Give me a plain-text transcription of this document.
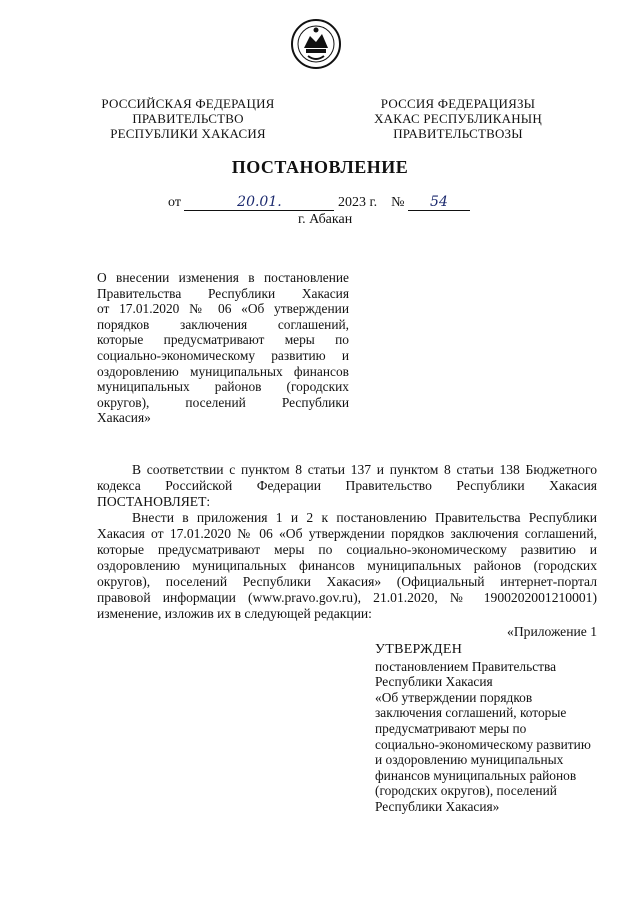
РОССИЙСКАЯ ФЕДЕРАЦИЯ
ПРАВИТЕЛЬСТВО
РЕСПУБЛИКИ ХАКАСИЯ
РОССИЯ ФЕДЕРАЦИЯЗЫ
ХАКАС РЕСПУБЛИКАНЫҢ
ПРАВИТЕЛЬСТВОЗЫ
ПОСТАНОВЛЕНИЕ
от	20.01.	2023 г. № 54
г. Абакан
О внесении изменения в постановление
Правительства Республики Хакасия
от 17.01.2020 № 06 «Об утверждении
порядков заключения соглашений,
которые предусматривают меры по
социально-экономическому развитию и
оздоровлению муниципальных финансов
муниципальных районов (городских
округов), поселений Республики
Хакасия»
В соответствии с пунктом 8 статьи 137 и пунктом 8 статьи 138 Бюджетного
кодекса Российской Федерации Правительство Республики Хакасия
ПОСТАНОВЛЯЕТ:
Внести в приложения 1 и 2 к постановлению Правительства Республики
Хакасия от 17.01.2020 № 06 «Об утверждении порядков заключения соглашений,
которые предусматривают меры по социально-экономическому развитию и
оздоровлению муниципальных финансов муниципальных районов (городских
округов), поселений Республики Хакасия» (Официальный интернет-портал
правовой информации (www.pravo.gov.ru), 21.01.2020, № 1900202001210001)
изменение, изложив их в следующей редакции:
«Приложение 1
УТВЕРЖДЕН
постановлением Правительства
Республики Хакасия
«Об утверждении порядков
заключения соглашений, которые
предусматривают меры по
социально-экономическому развитию
и оздоровлению муниципальных
финансов муниципальных районов
(городских округов), поселений
Республики Хакасия»
